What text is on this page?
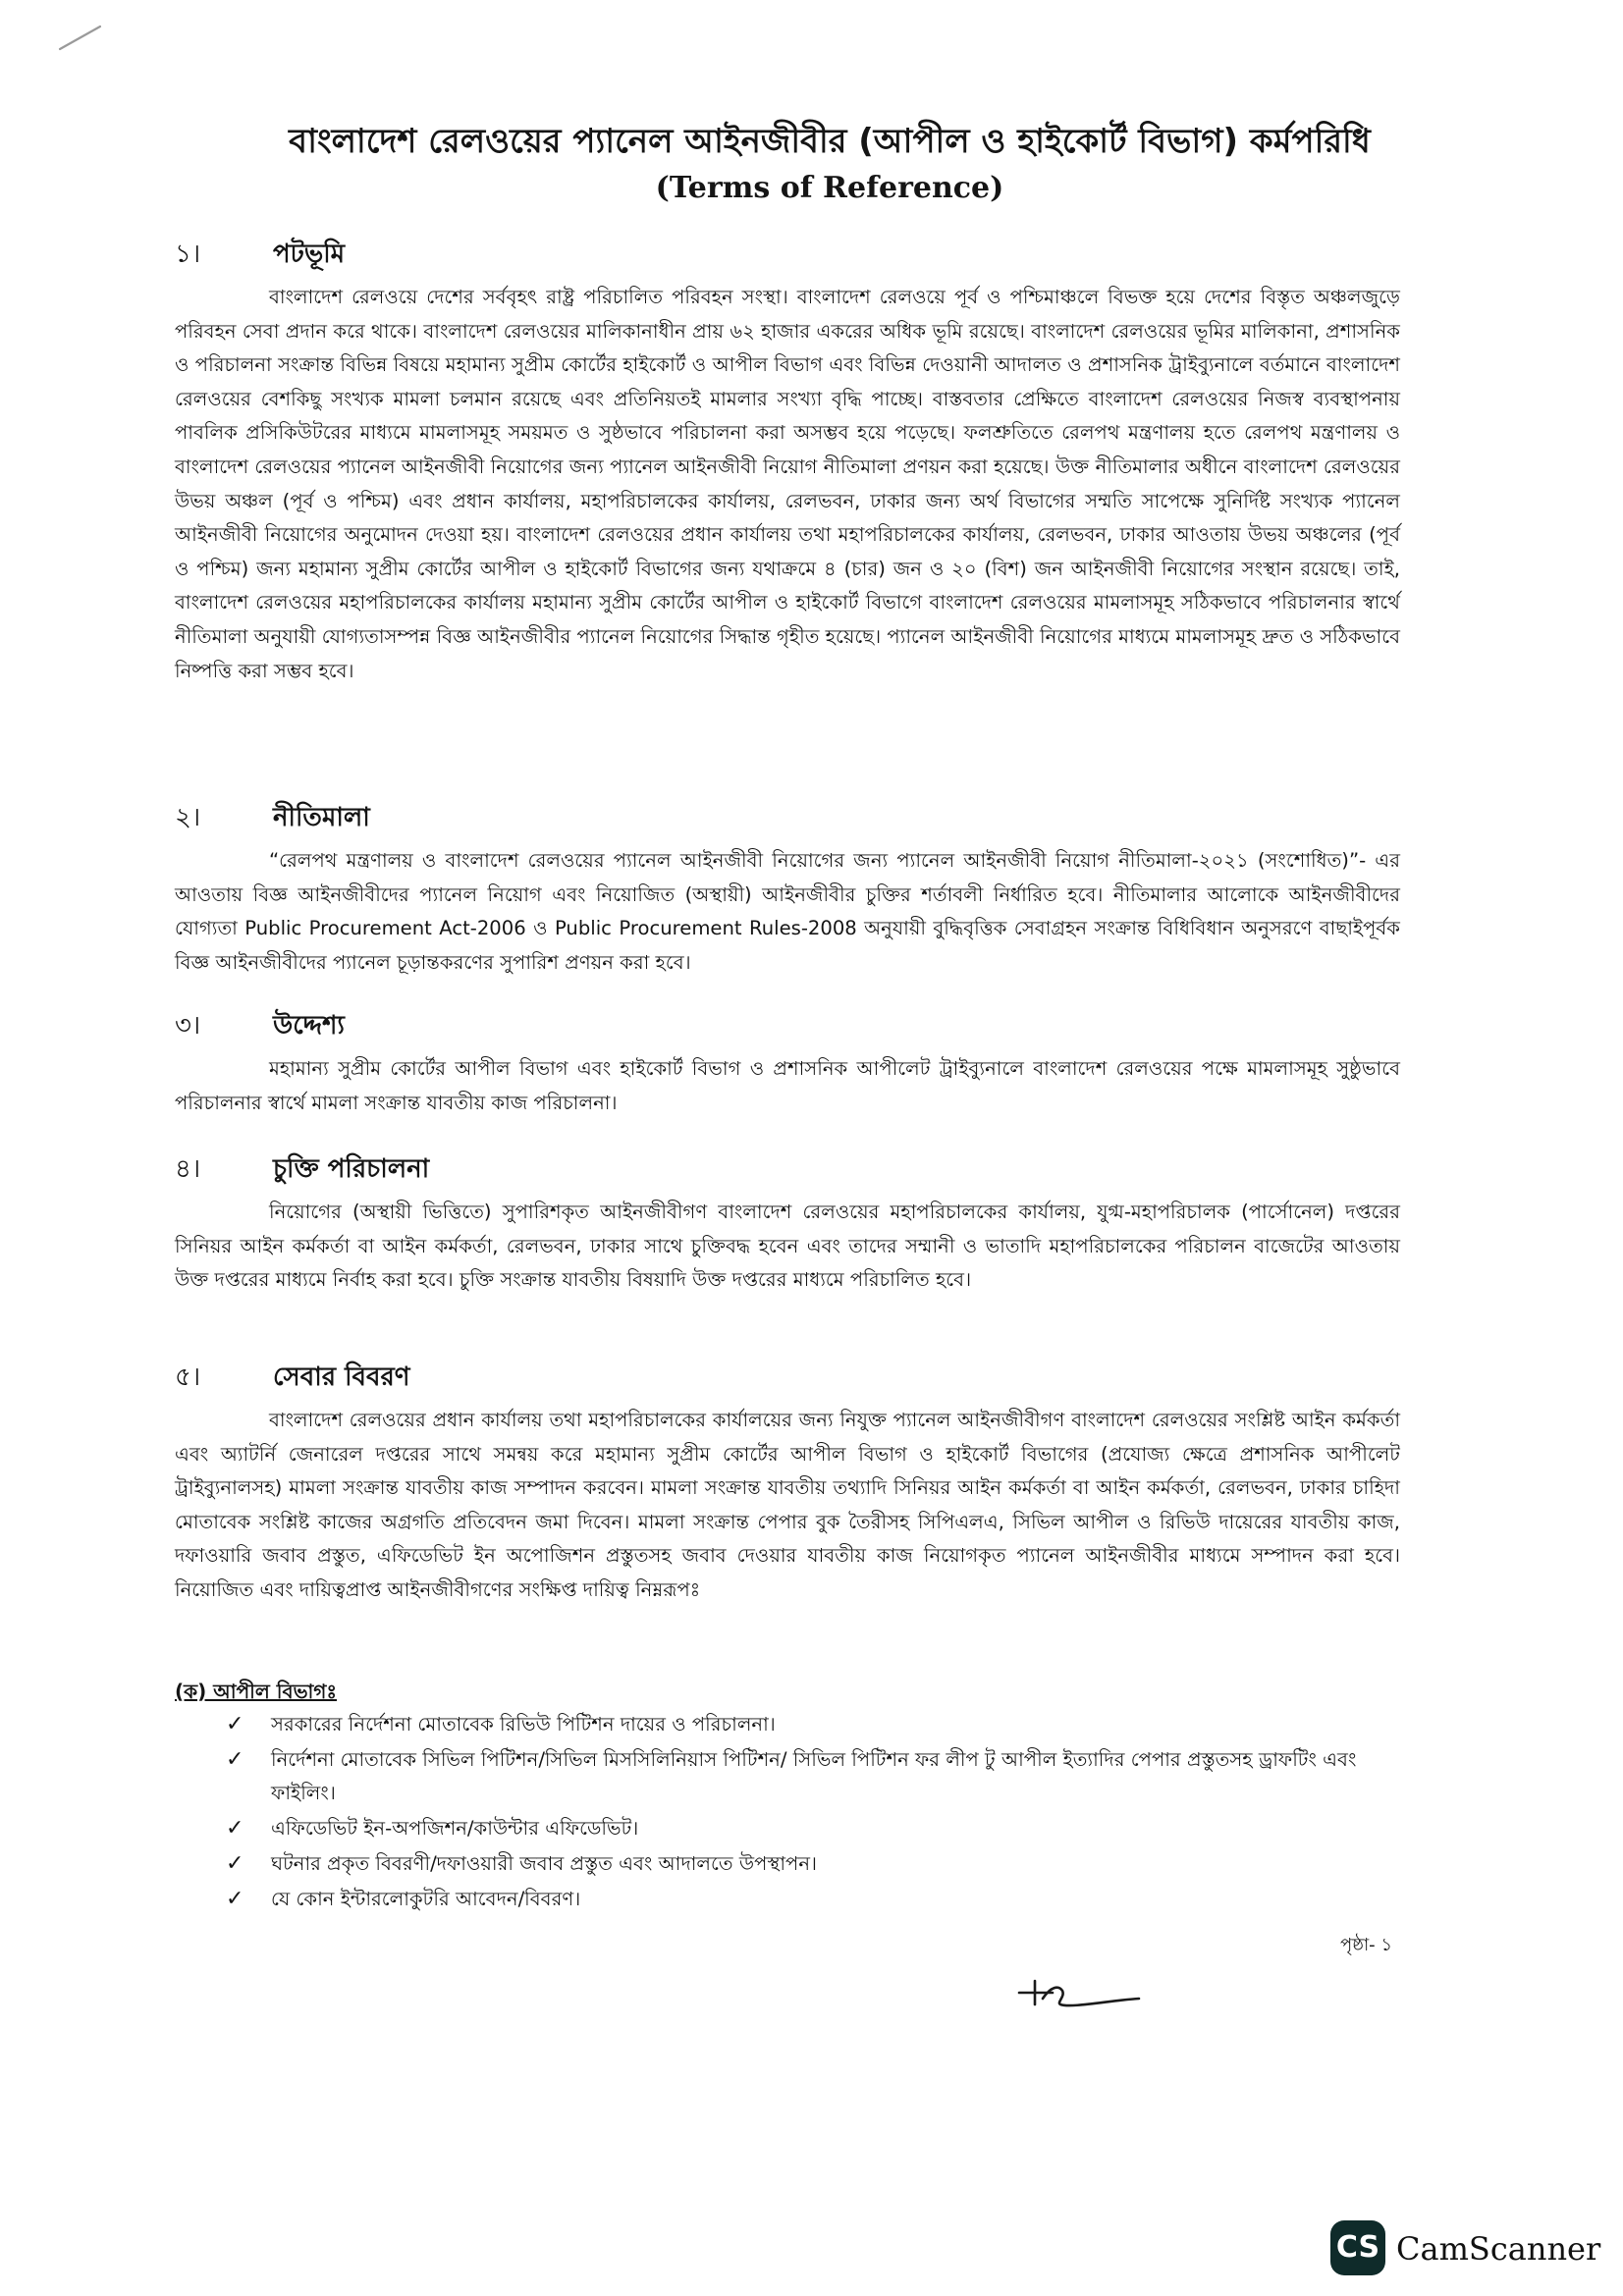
বাংলাদেশ রেলওয়ের প্যানেল আইনজীবীর (আপীল ও হাইকোর্ট বিভাগ) কর্মপরিধি
(Terms of Reference)
১।	পটভূমি

বাংলাদেশ রেলওয়ে দেশের সর্ববৃহৎ রাষ্ট্র পরিচালিত পরিবহন সংস্থা। বাংলাদেশ রেলওয়ে পূর্ব ও পশ্চিমাঞ্চলে বিভক্ত হয়ে দেশের বিস্তৃত অঞ্চলজুড়ে পরিবহন সেবা প্রদান করে থাকে। বাংলাদেশ রেলওয়ের মালিকানাধীন প্রায় ৬২ হাজার একরের অধিক ভূমি রয়েছে। বাংলাদেশ রেলওয়ের ভূমির মালিকানা, প্রশাসনিক ও পরিচালনা সংক্রান্ত বিভিন্ন বিষয়ে মহামান্য সুপ্রীম কোর্টের হাইকোর্ট ও আপীল বিভাগ এবং বিভিন্ন দেওয়ানী আদালত ও প্রশাসনিক ট্রাইব্যুনালে বর্তমানে বাংলাদেশ রেলওয়ের বেশকিছু সংখ্যক মামলা চলমান রয়েছে এবং প্রতিনিয়তই মামলার সংখ্যা বৃদ্ধি পাচ্ছে। বাস্তবতার প্রেক্ষিতে বাংলাদেশ রেলওয়ের নিজস্ব ব্যবস্থাপনায় পাবলিক প্রসিকিউটরের মাধ্যমে মামলাসমূহ সময়মত ও সুষ্ঠভাবে পরিচালনা করা অসম্ভব হয়ে পড়েছে। ফলশ্রুতিতে রেলপথ মন্ত্রণালয় হতে রেলপথ মন্ত্রণালয় ও বাংলাদেশ রেলওয়ের প্যানেল আইনজীবী নিয়োগের জন্য প্যানেল আইনজীবী নিয়োগ নীতিমালা প্রণয়ন করা হয়েছে। উক্ত নীতিমালার অধীনে বাংলাদেশ রেলওয়ের উভয় অঞ্চল (পূর্ব ও পশ্চিম) এবং প্রধান কার্যালয়, মহাপরিচালকের কার্যালয়, রেলভবন, ঢাকার জন্য অর্থ বিভাগের সম্মতি সাপেক্ষে সুনির্দিষ্ট সংখ্যক প্যানেল আইনজীবী নিয়োগের অনুমোদন দেওয়া হয়। বাংলাদেশ রেলওয়ের প্রধান কার্যালয় তথা মহাপরিচালকের কার্যালয়, রেলভবন, ঢাকার আওতায় উভয় অঞ্চলের (পূর্ব ও পশ্চিম) জন্য মহামান্য সুপ্রীম কোর্টের আপীল ও হাইকোর্ট বিভাগের জন্য যথাক্রমে ৪ (চার) জন ও ২০ (বিশ) জন আইনজীবী নিয়োগের সংস্থান রয়েছে। তাই, বাংলাদেশ রেলওয়ের মহাপরিচালকের কার্যালয় মহামান্য সুপ্রীম কোর্টের আপীল ও হাইকোর্ট বিভাগে বাংলাদেশ রেলওয়ের মামলাসমূহ সঠিকভাবে পরিচালনার স্বার্থে নীতিমালা অনুযায়ী যোগ্যতাসম্পন্ন বিজ্ঞ আইনজীবীর প্যানেল নিয়োগের সিদ্ধান্ত গৃহীত হয়েছে। প্যানেল আইনজীবী নিয়োগের মাধ্যমে মামলাসমূহ দ্রুত ও সঠিকভাবে নিষ্পত্তি করা সম্ভব হবে।

২।	নীতিমালা

“রেলপথ মন্ত্রণালয় ও বাংলাদেশ রেলওয়ের প্যানেল আইনজীবী নিয়োগের জন্য প্যানেল আইনজীবী নিয়োগ নীতিমালা-২০২১ (সংশোধিত)”- এর আওতায় বিজ্ঞ আইনজীবীদের প্যানেল নিয়োগ এবং নিয়োজিত (অস্থায়ী) আইনজীবীর চুক্তির শর্তাবলী নির্ধারিত হবে। নীতিমালার আলোকে আইনজীবীদের যোগ্যতা Public Procurement Act-2006 ও Public Procurement Rules-2008 অনুযায়ী বুদ্ধিবৃত্তিক সেবাগ্রহন সংক্রান্ত বিধিবিধান অনুসরণে বাছাইপূর্বক বিজ্ঞ আইনজীবীদের প্যানেল চূড়ান্তকরণের সুপারিশ প্রণয়ন করা হবে।

৩।	উদ্দেশ্য

মহামান্য সুপ্রীম কোর্টের আপীল বিভাগ এবং হাইকোর্ট বিভাগ ও প্রশাসনিক আপীলেট ট্রাইব্যুনালে বাংলাদেশ রেলওয়ের পক্ষে মামলাসমূহ সুষ্ঠুভাবে পরিচালনার স্বার্থে মামলা সংক্রান্ত যাবতীয় কাজ পরিচালনা।

৪।	চুক্তি পরিচালনা

নিয়োগের (অস্থায়ী ভিত্তিতে) সুপারিশকৃত আইনজীবীগণ বাংলাদেশ রেলওয়ের মহাপরিচালকের কার্যালয়, যুগ্ম-মহাপরিচালক (পার্সোনেল) দপ্তরের সিনিয়র আইন কর্মকর্তা বা আইন কর্মকর্তা, রেলভবন, ঢাকার সাথে চুক্তিবদ্ধ হবেন এবং তাদের সম্মানী ও ভাতাদি মহাপরিচালকের পরিচালন বাজেটের আওতায় উক্ত দপ্তরের মাধ্যমে নির্বাহ করা হবে। চুক্তি সংক্রান্ত যাবতীয় বিষয়াদি উক্ত দপ্তরের মাধ্যমে পরিচালিত হবে।

৫।	সেবার বিবরণ

বাংলাদেশ রেলওয়ের প্রধান কার্যালয় তথা মহাপরিচালকের কার্যালয়ের জন্য নিযুক্ত প্যানেল আইনজীবীগণ বাংলাদেশ রেলওয়ের সংশ্লিষ্ট আইন কর্মকর্তা এবং অ্যাটর্নি জেনারেল দপ্তরের সাথে সমন্বয় করে মহামান্য সুপ্রীম কোর্টের আপীল বিভাগ ও হাইকোর্ট বিভাগের (প্রযোজ্য ক্ষেত্রে প্রশাসনিক আপীলেট ট্রাইব্যুনালসহ) মামলা সংক্রান্ত যাবতীয় কাজ সম্পাদন করবেন। মামলা সংক্রান্ত যাবতীয় তথ্যাদি সিনিয়র আইন কর্মকর্তা বা আইন কর্মকর্তা, রেলভবন, ঢাকার চাহিদা মোতাবেক সংশ্লিষ্ট কাজের অগ্রগতি প্রতিবেদন জমা দিবেন। মামলা সংক্রান্ত পেপার বুক তৈরীসহ সিপিএলএ, সিভিল আপীল ও রিভিউ দায়েরের যাবতীয় কাজ, দফাওয়ারি জবাব প্রস্তুত, এফিডেভিট ইন অপোজিশন প্রস্তুতসহ জবাব দেওয়ার যাবতীয় কাজ নিয়োগকৃত প্যানেল আইনজীবীর মাধ্যমে সম্পাদন করা হবে। নিয়োজিত এবং দায়িত্বপ্রাপ্ত আইনজীবীগণের সংক্ষিপ্ত দায়িত্ব নিম্নরূপঃ

(ক) আপীল বিভাগঃ
✓ সরকারের নির্দেশনা মোতাবেক রিভিউ পিটিশন দায়ের ও পরিচালনা।
✓ নির্দেশনা মোতাবেক সিভিল পিটিশন/সিভিল মিসসিলিনিয়াস পিটিশন/ সিভিল পিটিশন ফর লীপ টু আপীল ইত্যাদির পেপার প্রস্তুতসহ ড্রাফটিং এবং ফাইলিং।
✓ এফিডেভিট ইন-অপজিশন/কাউন্টার এফিডেভিট।
✓ ঘটনার প্রকৃত বিবরণী/দফাওয়ারী জবাব প্রস্তুত এবং আদালতে উপস্থাপন।
✓ যে কোন ইন্টারলোকুটরি আবেদন/বিবরণ।
পৃষ্ঠা- ১
CS CamScanner
